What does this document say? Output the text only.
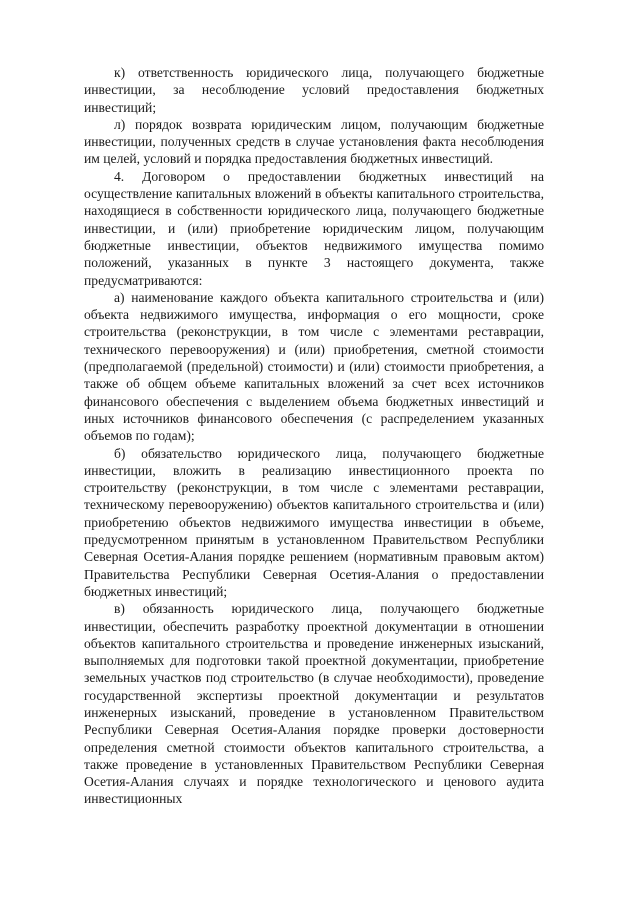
к) ответственность юридического лица, получающего бюджетные инвестиции, за несоблюдение условий предоставления бюджетных инвестиций;

л) порядок возврата юридическим лицом, получающим бюджетные инвестиции, полученных средств в случае установления факта несоблюдения им целей, условий и порядка предоставления бюджетных инвестиций.

4. Договором о предоставлении бюджетных инвестиций на осуществление капитальных вложений в объекты капитального строительства, находящиеся в собственности юридического лица, получающего бюджетные инвестиции, и (или) приобретение юридическим лицом, получающим бюджетные инвестиции, объектов недвижимого имущества помимо положений, указанных в пункте 3 настоящего документа, также предусматриваются:

а) наименование каждого объекта капитального строительства и (или) объекта недвижимого имущества, информация о его мощности, сроке строительства (реконструкции, в том числе с элементами реставрации, технического перевооружения) и (или) приобретения, сметной стоимости (предполагаемой (предельной) стоимости) и (или) стоимости приобретения, а также об общем объеме капитальных вложений за счет всех источников финансового обеспечения с выделением объема бюджетных инвестиций и иных источников финансового обеспечения (с распределением указанных объемов по годам);

б) обязательство юридического лица, получающего бюджетные инвестиции, вложить в реализацию инвестиционного проекта по строительству (реконструкции, в том числе с элементами реставрации, техническому перевооружению) объектов капитального строительства и (или) приобретению объектов недвижимого имущества инвестиции в объеме, предусмотренном принятым в установленном Правительством Республики Северная Осетия-Алания порядке решением (нормативным правовым актом) Правительства Республики Северная Осетия-Алания о предоставлении бюджетных инвестиций;

в) обязанность юридического лица, получающего бюджетные инвестиции, обеспечить разработку проектной документации в отношении объектов капитального строительства и проведение инженерных изысканий, выполняемых для подготовки такой проектной документации, приобретение земельных участков под строительство (в случае необходимости), проведение государственной экспертизы проектной документации и результатов инженерных изысканий, проведение в установленном Правительством Республики Северная Осетия-Алания порядке проверки достоверности определения сметной стоимости объектов капитального строительства, а также проведение в установленных Правительством Республики Северная Осетия-Алания случаях и порядке технологического и ценового аудита инвестиционных
